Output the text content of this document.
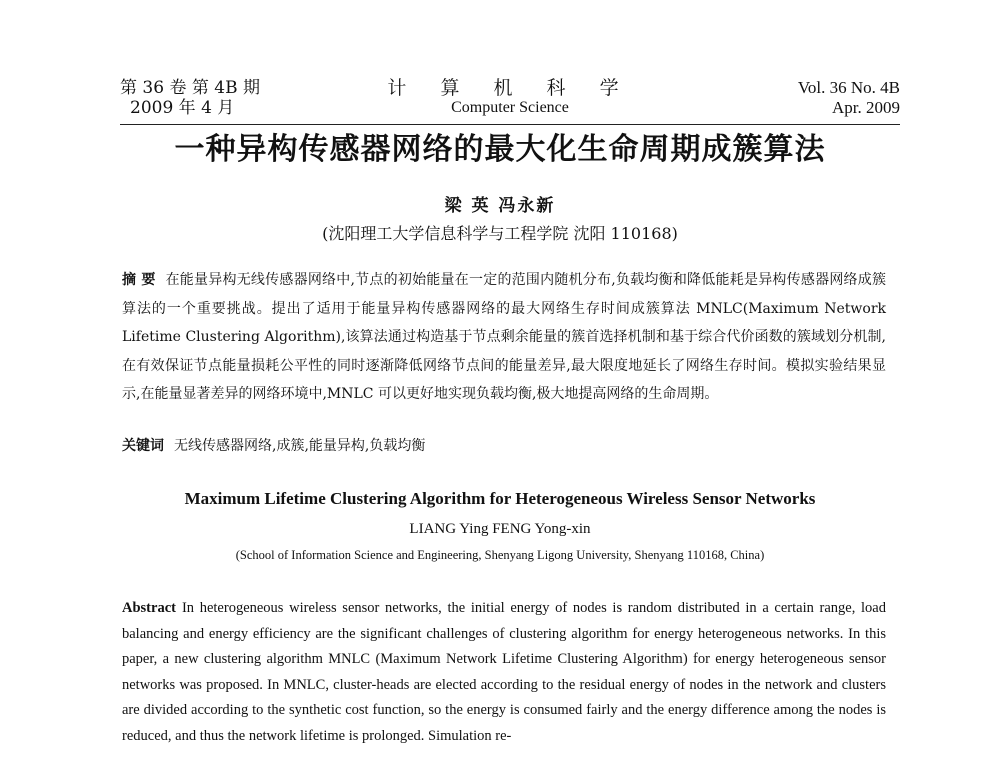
第 36 卷 第 4B 期
2009 年 4 月
计 算 机 科 学
Computer Science
Vol. 36 No. 4B
Apr. 2009
一种异构传感器网络的最大化生命周期成簇算法
梁 英 冯永新
(沈阳理工大学信息科学与工程学院 沈阳 110168)
摘 要 在能量异构无线传感器网络中,节点的初始能量在一定的范围内随机分布,负载均衡和降低能耗是异构传感器网络成簇算法的一个重要挑战。提出了适用于能量异构传感器网络的最大网络生存时间成簇算法 MNLC(Maximum Network Lifetime Clustering Algorithm),该算法通过构造基于节点剩余能量的簇首选择机制和基于综合代价函数的簇域划分机制,在有效保证节点能量损耗公平性的同时逐渐降低网络节点间的能量差异,最大限度地延长了网络生存时间。模拟实验结果显示,在能量显著差异的网络环境中,MNLC 可以更好地实现负载均衡,极大地提高网络的生命周期。
关键词 无线传感器网络,成簇,能量异构,负载均衡
Maximum Lifetime Clustering Algorithm for Heterogeneous Wireless Sensor Networks
LIANG Ying FENG Yong-xin
(School of Information Science and Engineering, Shenyang Ligong University, Shenyang 110168, China)
Abstract In heterogeneous wireless sensor networks, the initial energy of nodes is random distributed in a certain range, load balancing and energy efficiency are the significant challenges of clustering algorithm for energy heterogeneous networks. In this paper, a new clustering algorithm MNLC (Maximum Network Lifetime Clustering Algorithm) for energy heterogeneous sensor networks was proposed. In MNLC, cluster-heads are elected according to the residual energy of nodes in the network and clusters are divided according to the synthetic cost function, so the energy is consumed fairly and the energy difference among the nodes is reduced, and thus the network lifetime is prolonged. Simulation re-
